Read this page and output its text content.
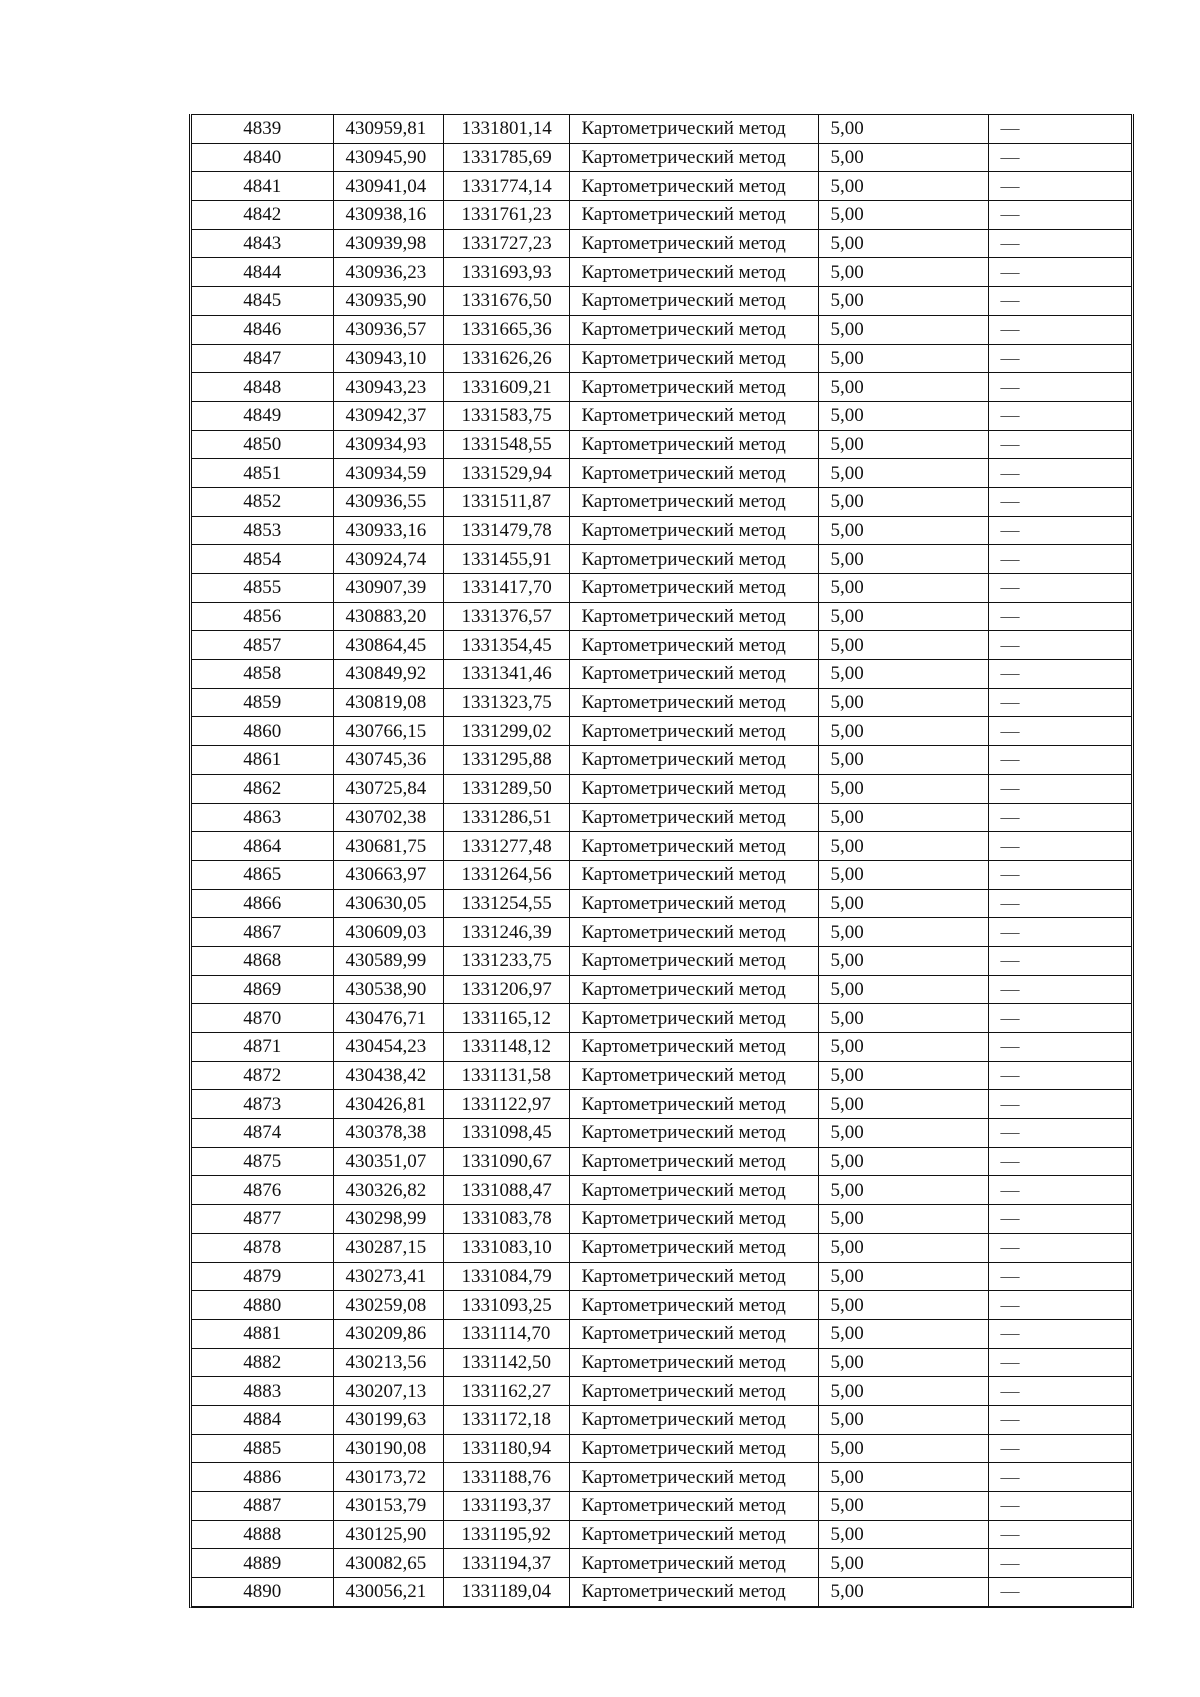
4839	430959,81	1331801,14	Картометрический метод	5,00	—
4840	430945,90	1331785,69	Картометрический метод	5,00	—
4841	430941,04	1331774,14	Картометрический метод	5,00	—
4842	430938,16	1331761,23	Картометрический метод	5,00	—
4843	430939,98	1331727,23	Картометрический метод	5,00	—
4844	430936,23	1331693,93	Картометрический метод	5,00	—
4845	430935,90	1331676,50	Картометрический метод	5,00	—
4846	430936,57	1331665,36	Картометрический метод	5,00	—
4847	430943,10	1331626,26	Картометрический метод	5,00	—
4848	430943,23	1331609,21	Картометрический метод	5,00	—
4849	430942,37	1331583,75	Картометрический метод	5,00	—
4850	430934,93	1331548,55	Картометрический метод	5,00	—
4851	430934,59	1331529,94	Картометрический метод	5,00	—
4852	430936,55	1331511,87	Картометрический метод	5,00	—
4853	430933,16	1331479,78	Картометрический метод	5,00	—
4854	430924,74	1331455,91	Картометрический метод	5,00	—
4855	430907,39	1331417,70	Картометрический метод	5,00	—
4856	430883,20	1331376,57	Картометрический метод	5,00	—
4857	430864,45	1331354,45	Картометрический метод	5,00	—
4858	430849,92	1331341,46	Картометрический метод	5,00	—
4859	430819,08	1331323,75	Картометрический метод	5,00	—
4860	430766,15	1331299,02	Картометрический метод	5,00	—
4861	430745,36	1331295,88	Картометрический метод	5,00	—
4862	430725,84	1331289,50	Картометрический метод	5,00	—
4863	430702,38	1331286,51	Картометрический метод	5,00	—
4864	430681,75	1331277,48	Картометрический метод	5,00	—
4865	430663,97	1331264,56	Картометрический метод	5,00	—
4866	430630,05	1331254,55	Картометрический метод	5,00	—
4867	430609,03	1331246,39	Картометрический метод	5,00	—
4868	430589,99	1331233,75	Картометрический метод	5,00	—
4869	430538,90	1331206,97	Картометрический метод	5,00	—
4870	430476,71	1331165,12	Картометрический метод	5,00	—
4871	430454,23	1331148,12	Картометрический метод	5,00	—
4872	430438,42	1331131,58	Картометрический метод	5,00	—
4873	430426,81	1331122,97	Картометрический метод	5,00	—
4874	430378,38	1331098,45	Картометрический метод	5,00	—
4875	430351,07	1331090,67	Картометрический метод	5,00	—
4876	430326,82	1331088,47	Картометрический метод	5,00	—
4877	430298,99	1331083,78	Картометрический метод	5,00	—
4878	430287,15	1331083,10	Картометрический метод	5,00	—
4879	430273,41	1331084,79	Картометрический метод	5,00	—
4880	430259,08	1331093,25	Картометрический метод	5,00	—
4881	430209,86	1331114,70	Картометрический метод	5,00	—
4882	430213,56	1331142,50	Картометрический метод	5,00	—
4883	430207,13	1331162,27	Картометрический метод	5,00	—
4884	430199,63	1331172,18	Картометрический метод	5,00	—
4885	430190,08	1331180,94	Картометрический метод	5,00	—
4886	430173,72	1331188,76	Картометрический метод	5,00	—
4887	430153,79	1331193,37	Картометрический метод	5,00	—
4888	430125,90	1331195,92	Картометрический метод	5,00	—
4889	430082,65	1331194,37	Картометрический метод	5,00	—
4890	430056,21	1331189,04	Картометрический метод	5,00	—
